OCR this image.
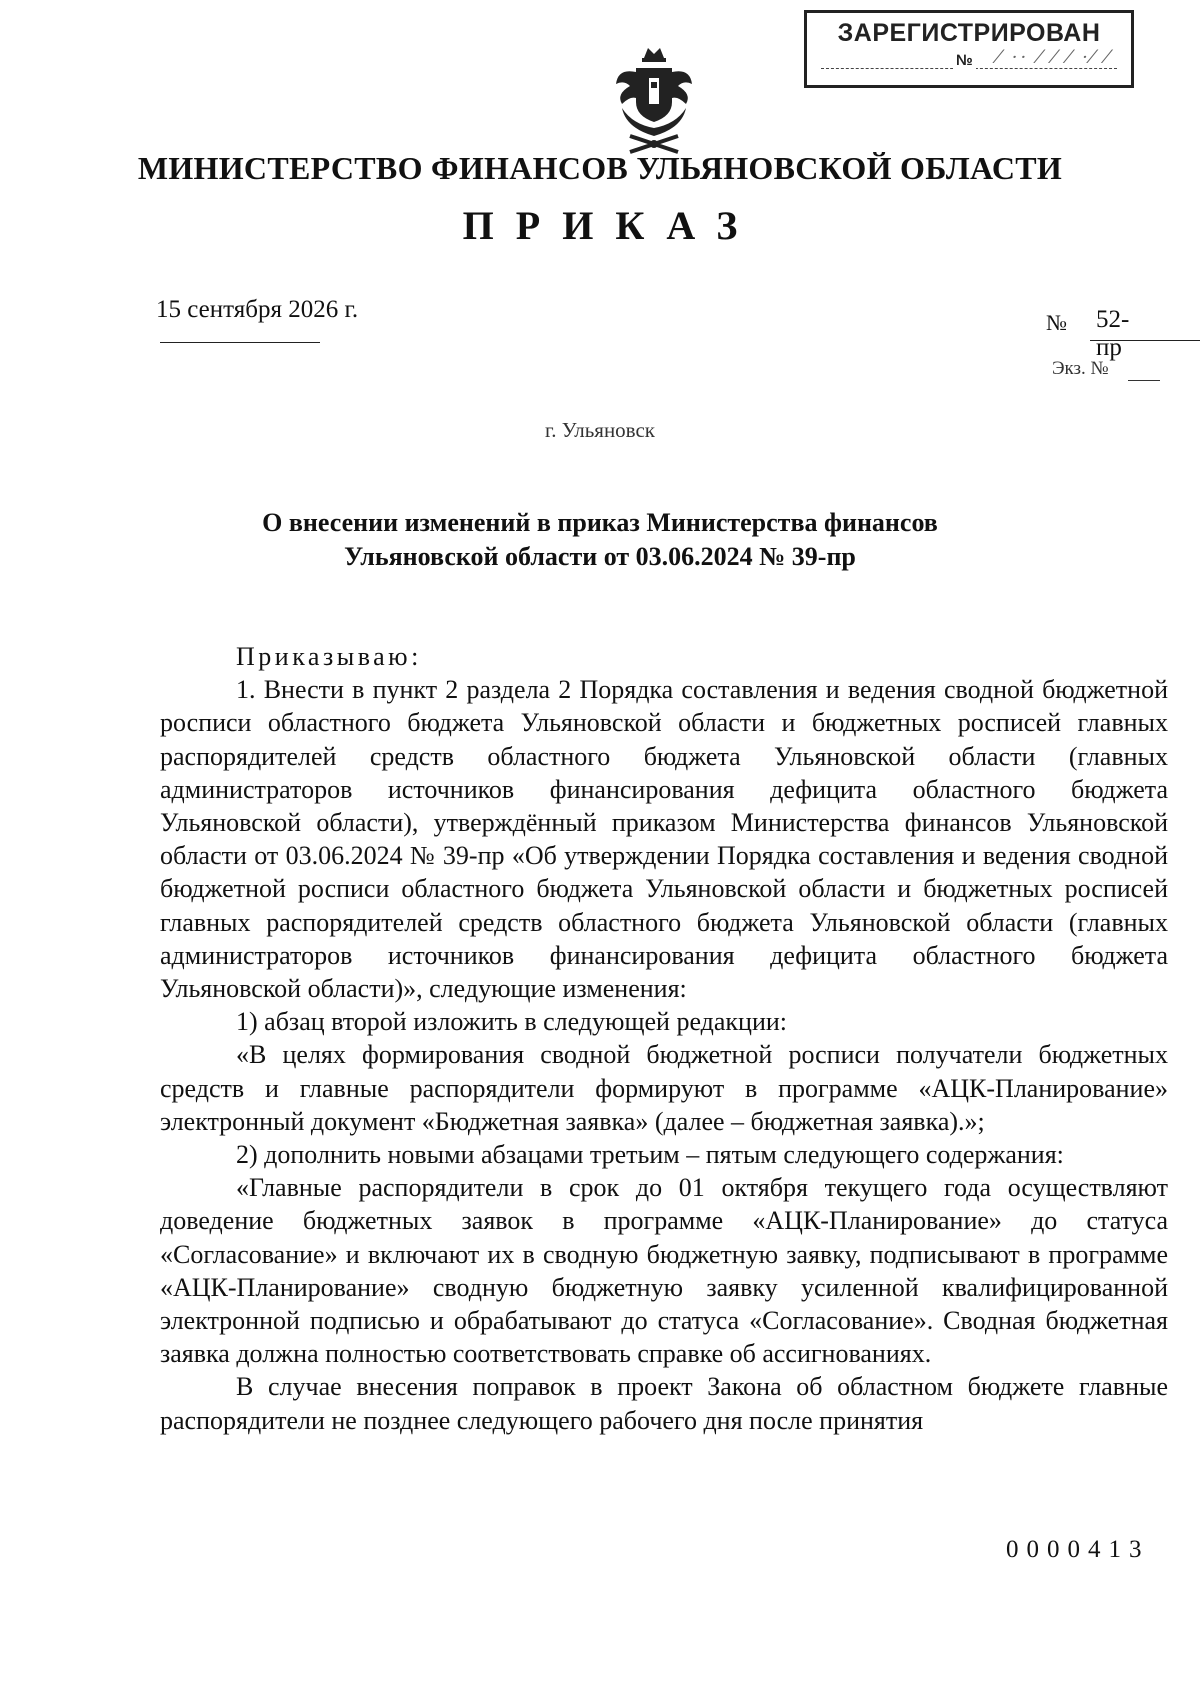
ЗАРЕГИСТРИРОВАН
№ ⁄ ·· ⁄ ⁄ ⁄ ·⁄ ⁄
МИНИСТЕРСТВО ФИНАНСОВ УЛЬЯНОВСКОЙ ОБЛАСТИ
ПРИКАЗ
15 сентября 2026 г.	№ 52-пр
Экз. №
г. Ульяновск
О внесении изменений в приказ Министерства финансов
Ульяновской области от 03.06.2024 № 39-пр

Приказываю:

1. Внести в пункт 2 раздела 2 Порядка составления и ведения сводной бюджетной росписи областного бюджета Ульяновской области и бюджетных росписей главных распорядителей средств областного бюджета Ульяновской области (главных администраторов источников финансирования дефицита областного бюджета Ульяновской области), утверждённый приказом Министерства финансов Ульяновской области от 03.06.2024 № 39-пр «Об утверждении Порядка составления и ведения сводной бюджетной росписи областного бюджета Ульяновской области и бюджетных росписей главных распорядителей средств областного бюджета Ульяновской области (главных администраторов источников финансирования дефицита областного бюджета Ульяновской области)», следующие изменения:

1) абзац второй изложить в следующей редакции:

«В целях формирования сводной бюджетной росписи получатели бюджетных средств и главные распорядители формируют в программе «АЦК-Планирование» электронный документ «Бюджетная заявка» (далее – бюджетная заявка).»;

2) дополнить новыми абзацами третьим – пятым следующего содержания:

«Главные распорядители в срок до 01 октября текущего года осуществляют доведение бюджетных заявок в программе «АЦК-Планирование» до статуса «Согласование» и включают их в сводную бюджетную заявку, подписывают в программе «АЦК-Планирование» сводную бюджетную заявку усиленной квалифицированной электронной подписью и обрабатывают до статуса «Согласование». Сводная бюджетная заявка должна полностью соответствовать справке об ассигнованиях.

В случае внесения поправок в проект Закона об областном бюджете главные распорядители не позднее следующего рабочего дня после принятия

0000413
